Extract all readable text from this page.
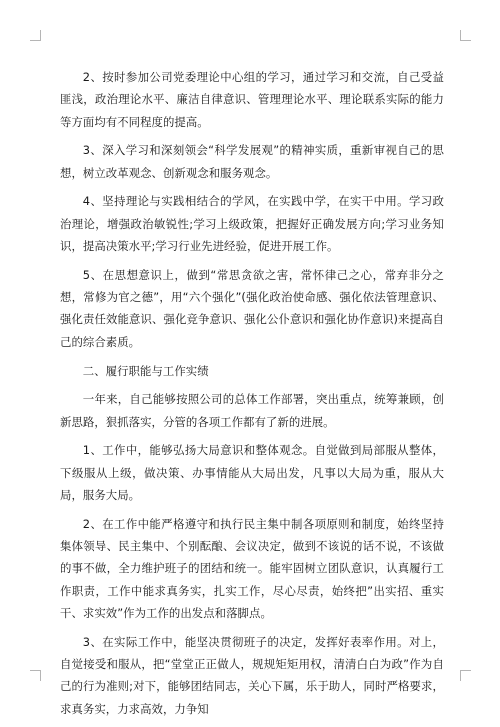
2、按时参加公司党委理论中心组的学习，通过学习和交流，自己受益匪浅，政治理论水平、廉洁自律意识、管理理论水平、理论联系实际的能力等方面均有不同程度的提高。

3、深入学习和深刻领会“科学发展观”的精神实质，重新审视自己的思想，树立改革观念、创新观念和服务观念。

4、坚持理论与实践相结合的学风，在实践中学，在实干中用。学习政治理论，增强政治敏锐性;学习上级政策，把握好正确发展方向;学习业务知识，提高决策水平;学习行业先进经验，促进开展工作。

5、在思想意识上，做到“常思贪欲之害，常怀律己之心，常弃非分之想，常修为官之德”，用“六个强化”(强化政治使命感、强化依法管理意识、强化责任效能意识、强化竞争意识、强化公仆意识和强化协作意识)来提高自己的综合素质。

二、履行职能与工作实绩

一年来，自己能够按照公司的总体工作部署，突出重点，统筹兼顾，创新思路，狠抓落实，分管的各项工作都有了新的进展。

1、工作中，能够弘扬大局意识和整体观念。自觉做到局部服从整体，下级服从上级，做决策、办事情能从大局出发，凡事以大局为重，服从大局，服务大局。

2、在工作中能严格遵守和执行民主集中制各项原则和制度，始终坚持集体领导、民主集中、个别酝酿、会议决定，做到不该说的话不说，不该做的事不做，全力维护班子的团结和统一。能牢固树立团队意识，认真履行工作职责，工作中能求真务实，扎实工作，尽心尽责，始终把”出实招、重实干、求实效”作为工作的出发点和落脚点。

3、在实际工作中，能坚决贯彻班子的决定，发挥好表率作用。对上，自觉接受和服从，把“堂堂正正做人，规规矩矩用权，清清白白为政”作为自己的行为准则;对下，能够团结同志，关心下属，乐于助人，同时严格要求，求真务实，力求高效，力争知
